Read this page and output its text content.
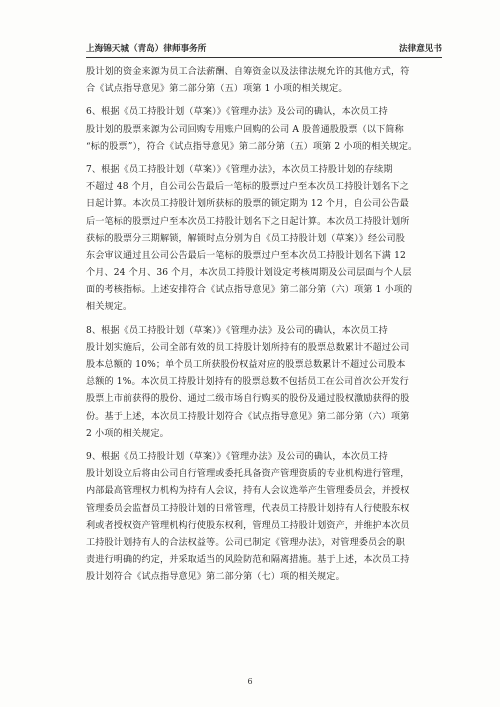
上海锦天城（青岛）律师事务所	法律意见书
股计划的资金来源为员工合法薪酬、自筹资金以及法律法规允许的其他方式，符
合《试点指导意见》第二部分第（五）项第 1 小项的相关规定。
6、根据《员工持股计划（草案）》《管理办法》及公司的确认，本次员工持
股计划的股票来源为公司回购专用账户回购的公司 A 股普通股股票（以下简称
“标的股票”），符合《试点指导意见》第二部分第（五）项第 2 小项的相关规定。
7、根据《员工持股计划（草案）》《管理办法》，本次员工持股计划的存续期
不超过 48 个月，自公司公告最后一笔标的股票过户至本次员工持股计划名下之
日起计算。本次员工持股计划所获标的股票的锁定期为 12 个月，自公司公告最
后一笔标的股票过户至本次员工持股计划名下之日起计算。本次员工持股计划所
获标的股票分三期解锁，解锁时点分别为自《员工持股计划（草案）》经公司股
东会审议通过且公司公告最后一笔标的股票过户至本次员工持股计划名下满 12
个月、24 个月、36 个月，本次员工持股计划设定考核周期及公司层面与个人层
面的考核指标。上述安排符合《试点指导意见》第二部分第（六）项第 1 小项的
相关规定。
8、根据《员工持股计划（草案）》《管理办法》及公司的确认，本次员工持
股计划实施后，公司全部有效的员工持股计划所持有的股票总数累计不超过公司
股本总额的 10%；单个员工所获股份权益对应的股票总数累计不超过公司股本
总额的 1%。本次员工持股计划持有的股票总数不包括员工在公司首次公开发行
股票上市前获得的股份、通过二级市场自行购买的股份及通过股权激励获得的股
份。基于上述，本次员工持股计划符合《试点指导意见》第二部分第（六）项第
2 小项的相关规定。
9、根据《员工持股计划（草案）》《管理办法》及公司的确认，本次员工持
股计划设立后将由公司自行管理或委托具备资产管理资质的专业机构进行管理，
内部最高管理权力机构为持有人会议，持有人会议选举产生管理委员会，并授权
管理委员会监督员工持股计划的日常管理，代表员工持股计划持有人行使股东权
利或者授权资产管理机构行使股东权利，管理员工持股计划资产，并维护本次员
工持股计划持有人的合法权益等。公司已制定《管理办法》，对管理委员会的职
责进行明确的约定，并采取适当的风险防范和隔离措施。基于上述，本次员工持
股计划符合《试点指导意见》第二部分第（七）项的相关规定。
6
